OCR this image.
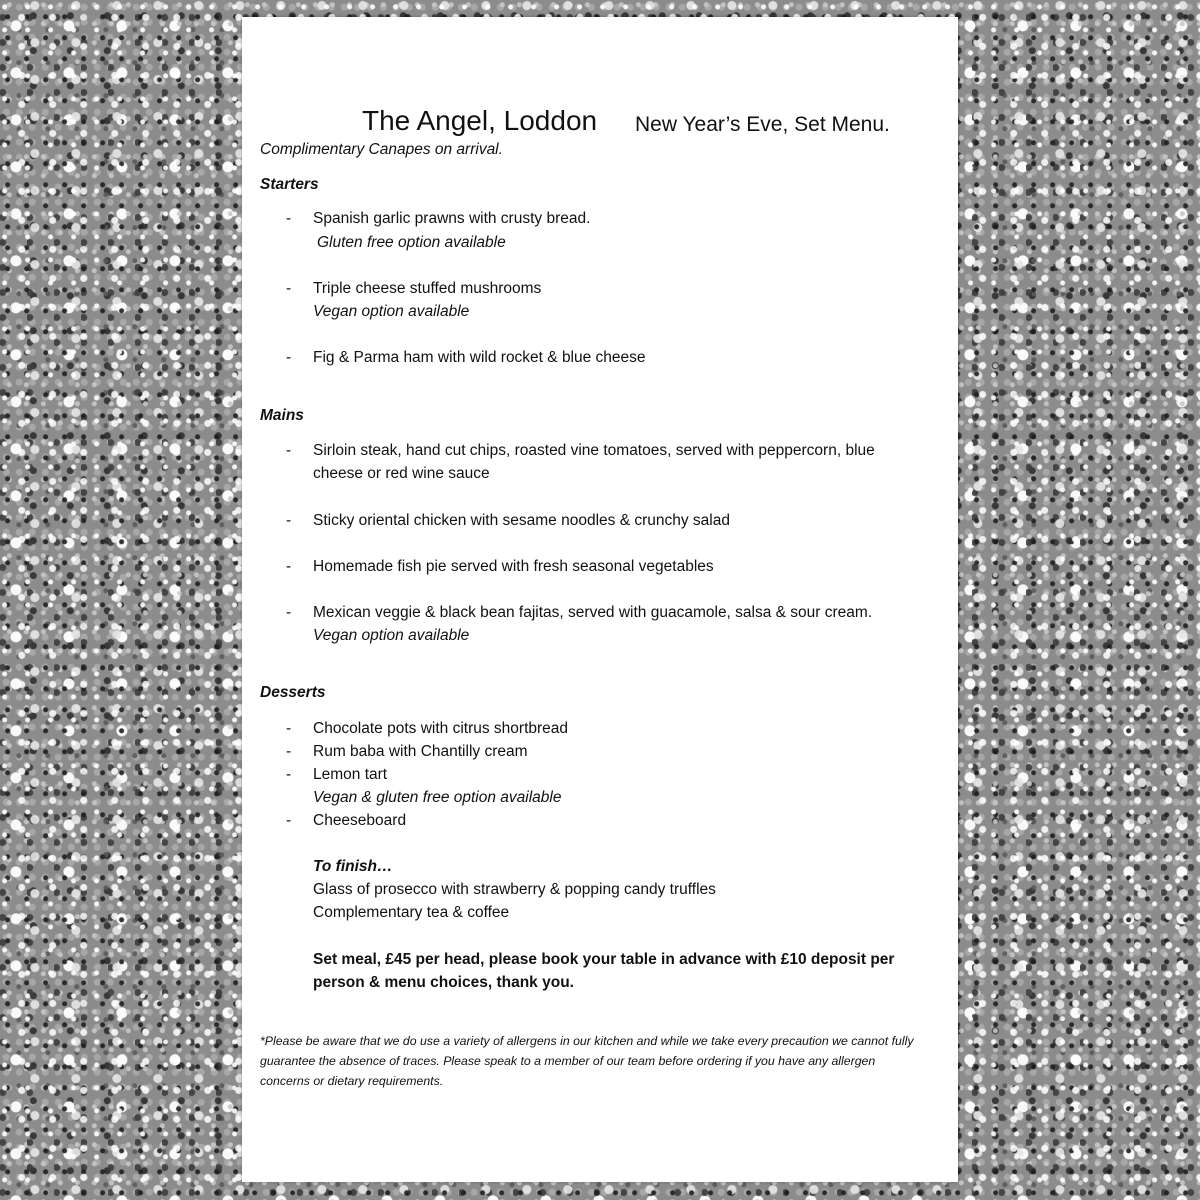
The Angel, Loddon New Year’s Eve, Set Menu.
Complimentary Canapes on arrival.
Starters
- Spanish garlic prawns with crusty bread.
Gluten free option available
- Triple cheese stuffed mushrooms
Vegan option available
- Fig & Parma ham with wild rocket & blue cheese
Mains
- Sirloin steak, hand cut chips, roasted vine tomatoes, served with peppercorn, blue
cheese or red wine sauce
- Sticky oriental chicken with sesame noodles & crunchy salad
- Homemade fish pie served with fresh seasonal vegetables
- Mexican veggie & black bean fajitas, served with guacamole, salsa & sour cream.
Vegan option available
Desserts
- Chocolate pots with citrus shortbread
- Rum baba with Chantilly cream
- Lemon tart
Vegan & gluten free option available
- Cheeseboard
To finish…
Glass of prosecco with strawberry & popping candy truffles
Complementary tea & coffee
Set meal, £45 per head, please book your table in advance with £10 deposit per
person & menu choices, thank you.
*Please be aware that we do use a variety of allergens in our kitchen and while we take every precaution we cannot fully guarantee the absence of traces. Please speak to a member of our team before ordering if you have any allergen concerns or dietary requirements.
